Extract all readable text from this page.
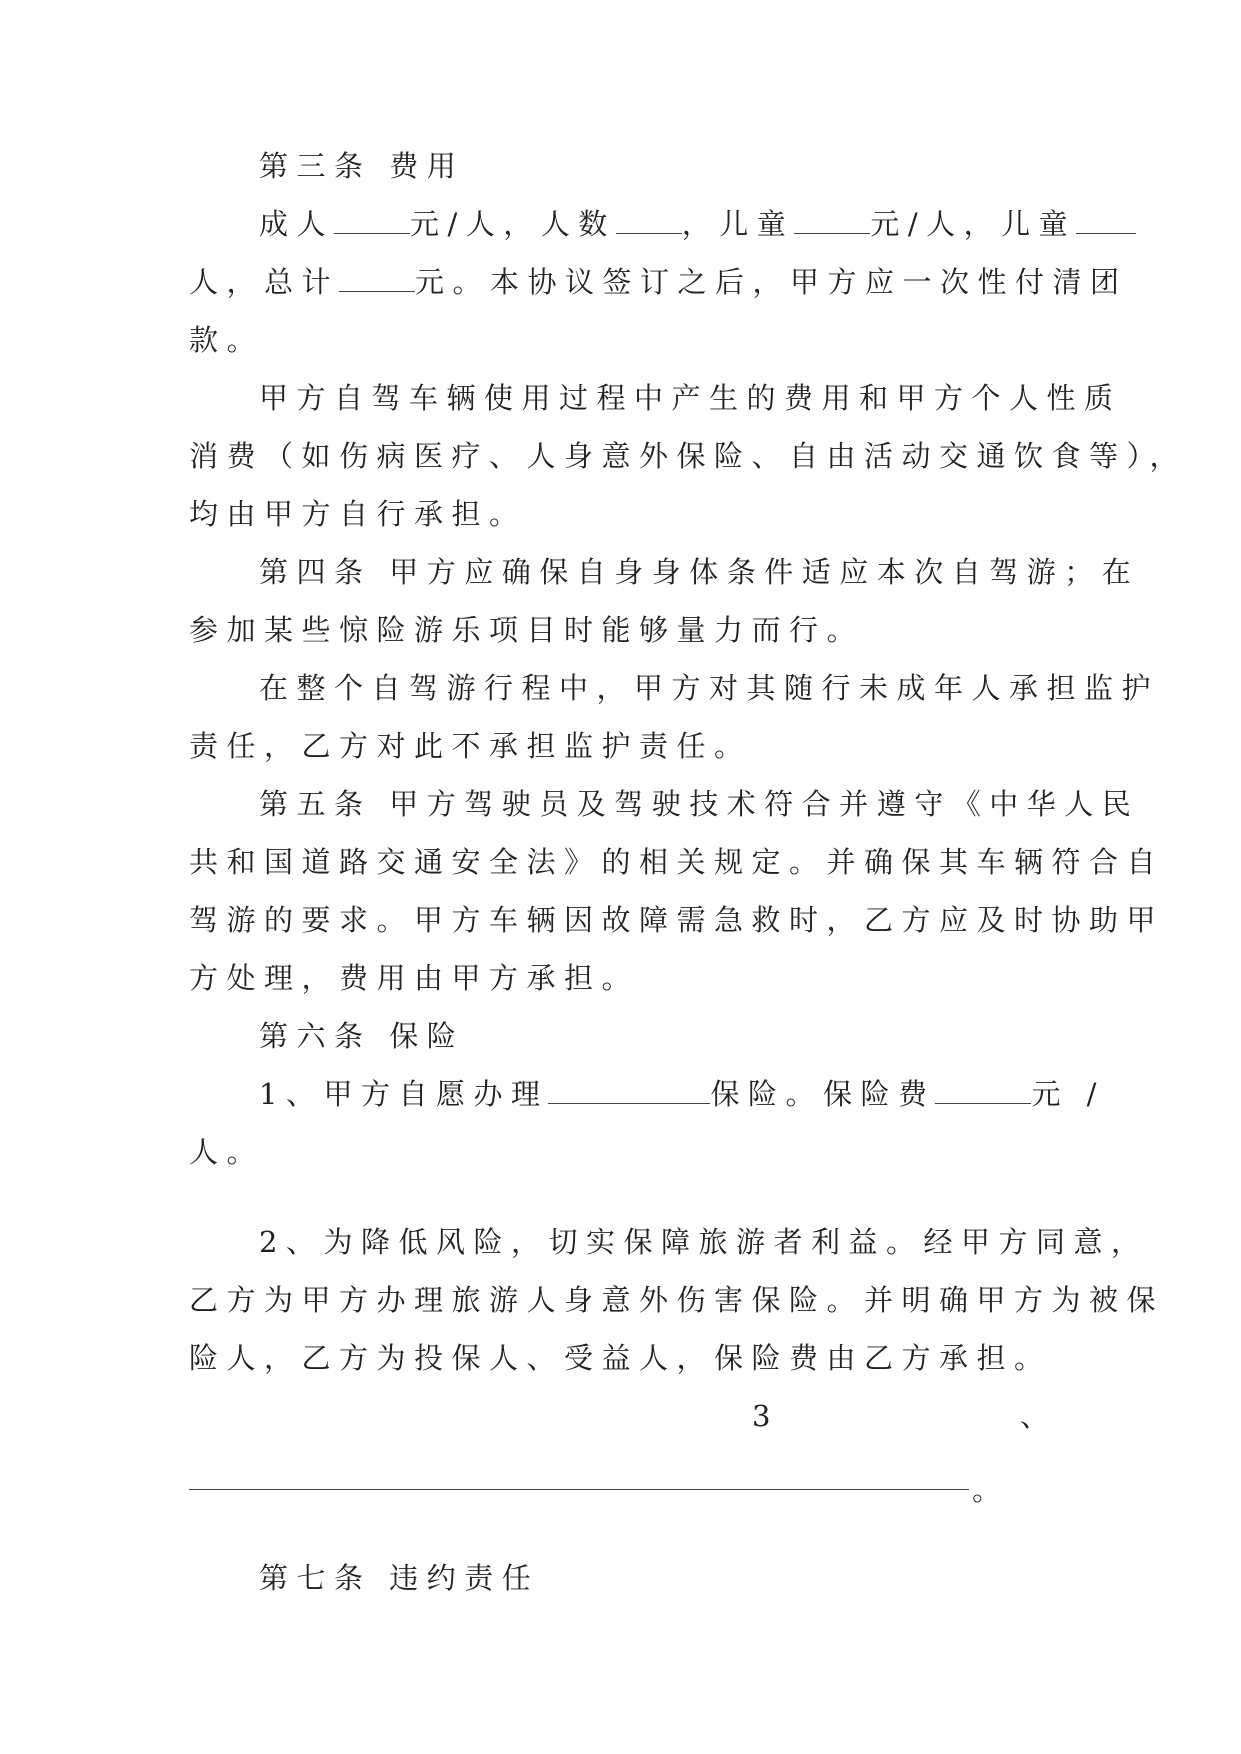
第三条 费用
成人	元/人，人数 ，儿童	元/人，儿童
人，总计	元。本协议签订之后，甲方应一次性付清团
款。
甲方自驾车辆使用过程中产生的费用和甲方个人性质
消费（如伤病医疗、人身意外保险、自由活动交通饮食等），
均由甲方自行承担。
第四条 甲方应确保自身身体条件适应本次自驾游；在
参加某些惊险游乐项目时能够量力而行。
在整个自驾游行程中，甲方对其随行未成年人承担监护
责任，乙方对此不承担监护责任。
第五条 甲方驾驶员及驾驶技术符合并遵守《中华人民
共和国道路交通安全法》的相关规定。并确保其车辆符合自
驾游的要求。甲方车辆因故障需急救时，乙方应及时协助甲
方处理，费用由甲方承担。
第六条 保险
1、甲方自愿办理	保险。保险费	元 /
人。
2、为降低风险，切实保障旅游者利益。经甲方同意，
乙方为甲方办理旅游人身意外伤害保险。并明确甲方为被保
险人，乙方为投保人、受益人，保险费由乙方承担。
3	、
。
第七条 违约责任
